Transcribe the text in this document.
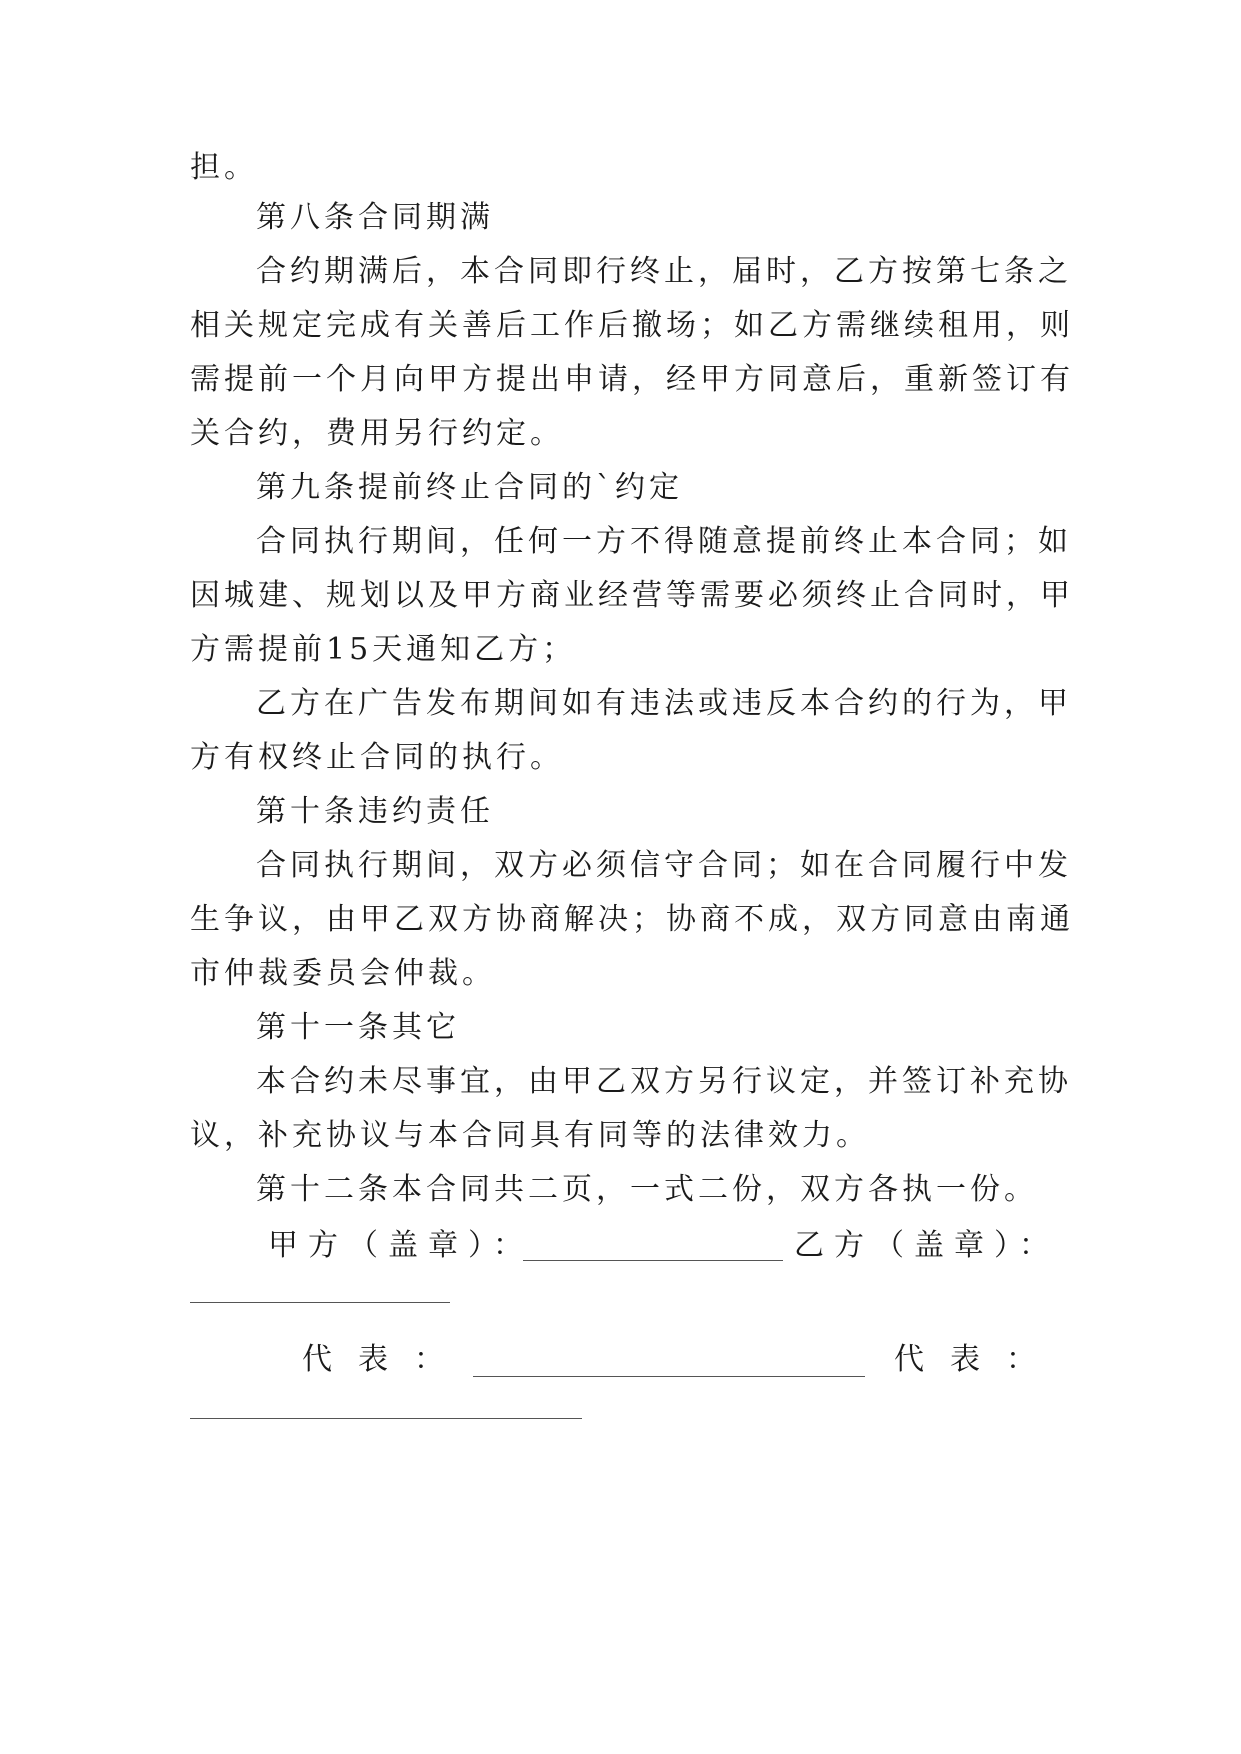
担。
第八条合同期满
合约期满后，本合同即行终止，届时，乙方按第七条之
相关规定完成有关善后工作后撤场；如乙方需继续租用，则
需提前一个月向甲方提出申请，经甲方同意后，重新签订有
关合约，费用另行约定。
第九条提前终止合同的`约定
合同执行期间，任何一方不得随意提前终止本合同；如
因城建、规划以及甲方商业经营等需要必须终止合同时，甲
方需提前15天通知乙方；
乙方在广告发布期间如有违法或违反本合约的行为，甲
方有权终止合同的执行。
第十条违约责任
合同执行期间，双方必须信守合同；如在合同履行中发
生争议，由甲乙双方协商解决；协商不成，双方同意由南通
市仲裁委员会仲裁。
第十一条其它
本合约未尽事宜，由甲乙双方另行议定，并签订补充协
议，补充协议与本合同具有同等的法律效力。
第十二条本合同共二页，一式二份，双方各执一份。
甲方（盖章）：	乙方（盖章）：
代表：	代表：
